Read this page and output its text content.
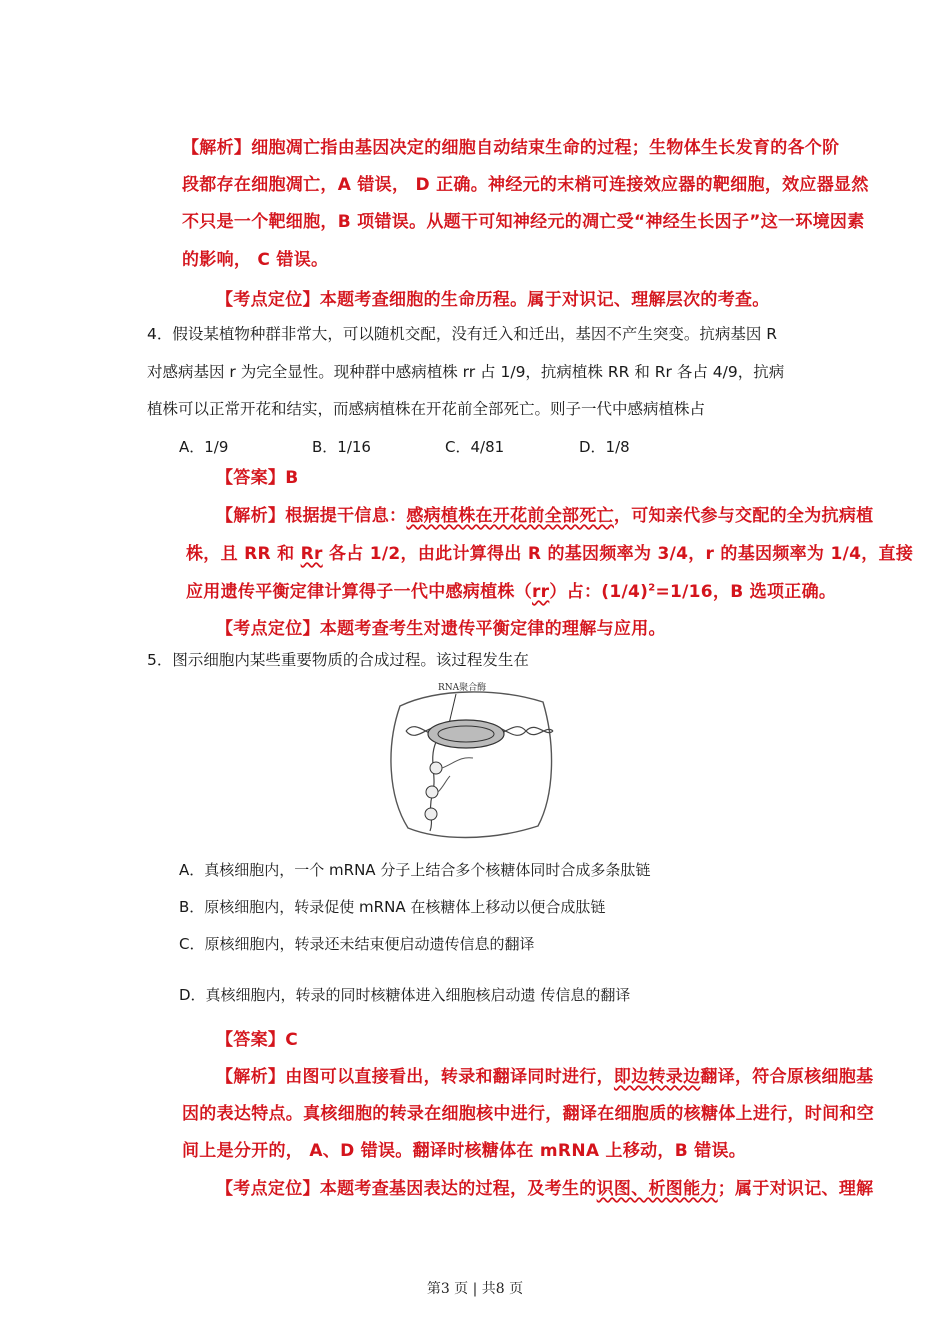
【解析】细胞凋亡指由基因决定的细胞自动结束生命的过程；生物体生长发育的各个阶
段都存在细胞凋亡，A 错误， D 正确。神经元的末梢可连接效应器的靶细胞，效应器显然
不只是一个靶细胞，B 项错误。从题干可知神经元的凋亡受“神经生长因子”这一环境因素
的影响， C 错误。
【考点定位】本题考查细胞的生命历程。属于对识记、理解层次的考查。
4．假设某植物种群非常大，可以随机交配，没有迁入和迁出，基因不产生突变。抗病基因 R
对感病基因 r 为完全显性。现种群中感病植株 rr 占 1/9，抗病植株 RR 和 Rr 各占 4/9，抗病
植株可以正常开花和结实，而感病植株在开花前全部死亡。则子一代中感病植株占
A．1/9	B．1/16	C．4/81	D．1/8
【答案】B
【解析】根据提干信息：感病植株在开花前全部死亡，可知亲代参与交配的全为抗病植
株，且 RR 和 Rr 各占 1/2，由此计算得出 R 的基因频率为 3/4，r 的基因频率为 1/4，直接
应用遗传平衡定律计算得子一代中感病植株（rr）占：$(1/4)^2=1/16$，B 选项正确。
【考点定位】本题考查考生对遗传平衡定律的理解与应用。
5．图示细胞内某些重要物质的合成过程。该过程发生在
RNA聚合酶
A．真核细胞内，一个 mRNA 分子上结合多个核糖体同时合成多条肽链
B．原核细胞内，转录促使 mRNA 在核糖体上移动以便合成肽链
C．原核细胞内，转录还未结束便启动遗传信息的翻译
D．真核细胞内，转录的同时核糖体进入细胞核启动遗 传信息的翻译
【答案】C
【解析】由图可以直接看出，转录和翻译同时进行，即边转录边翻译，符合原核细胞基
因的表达特点。真核细胞的转录在细胞核中进行，翻译在细胞质的核糖体上进行，时间和空
间上是分开的， A、D 错误。翻译时核糖体在 mRNA 上移动，B 错误。
【考点定位】本题考查基因表达的过程，及考生的识图、析图能力；属于对识记、理解
第3 页 | 共8 页
